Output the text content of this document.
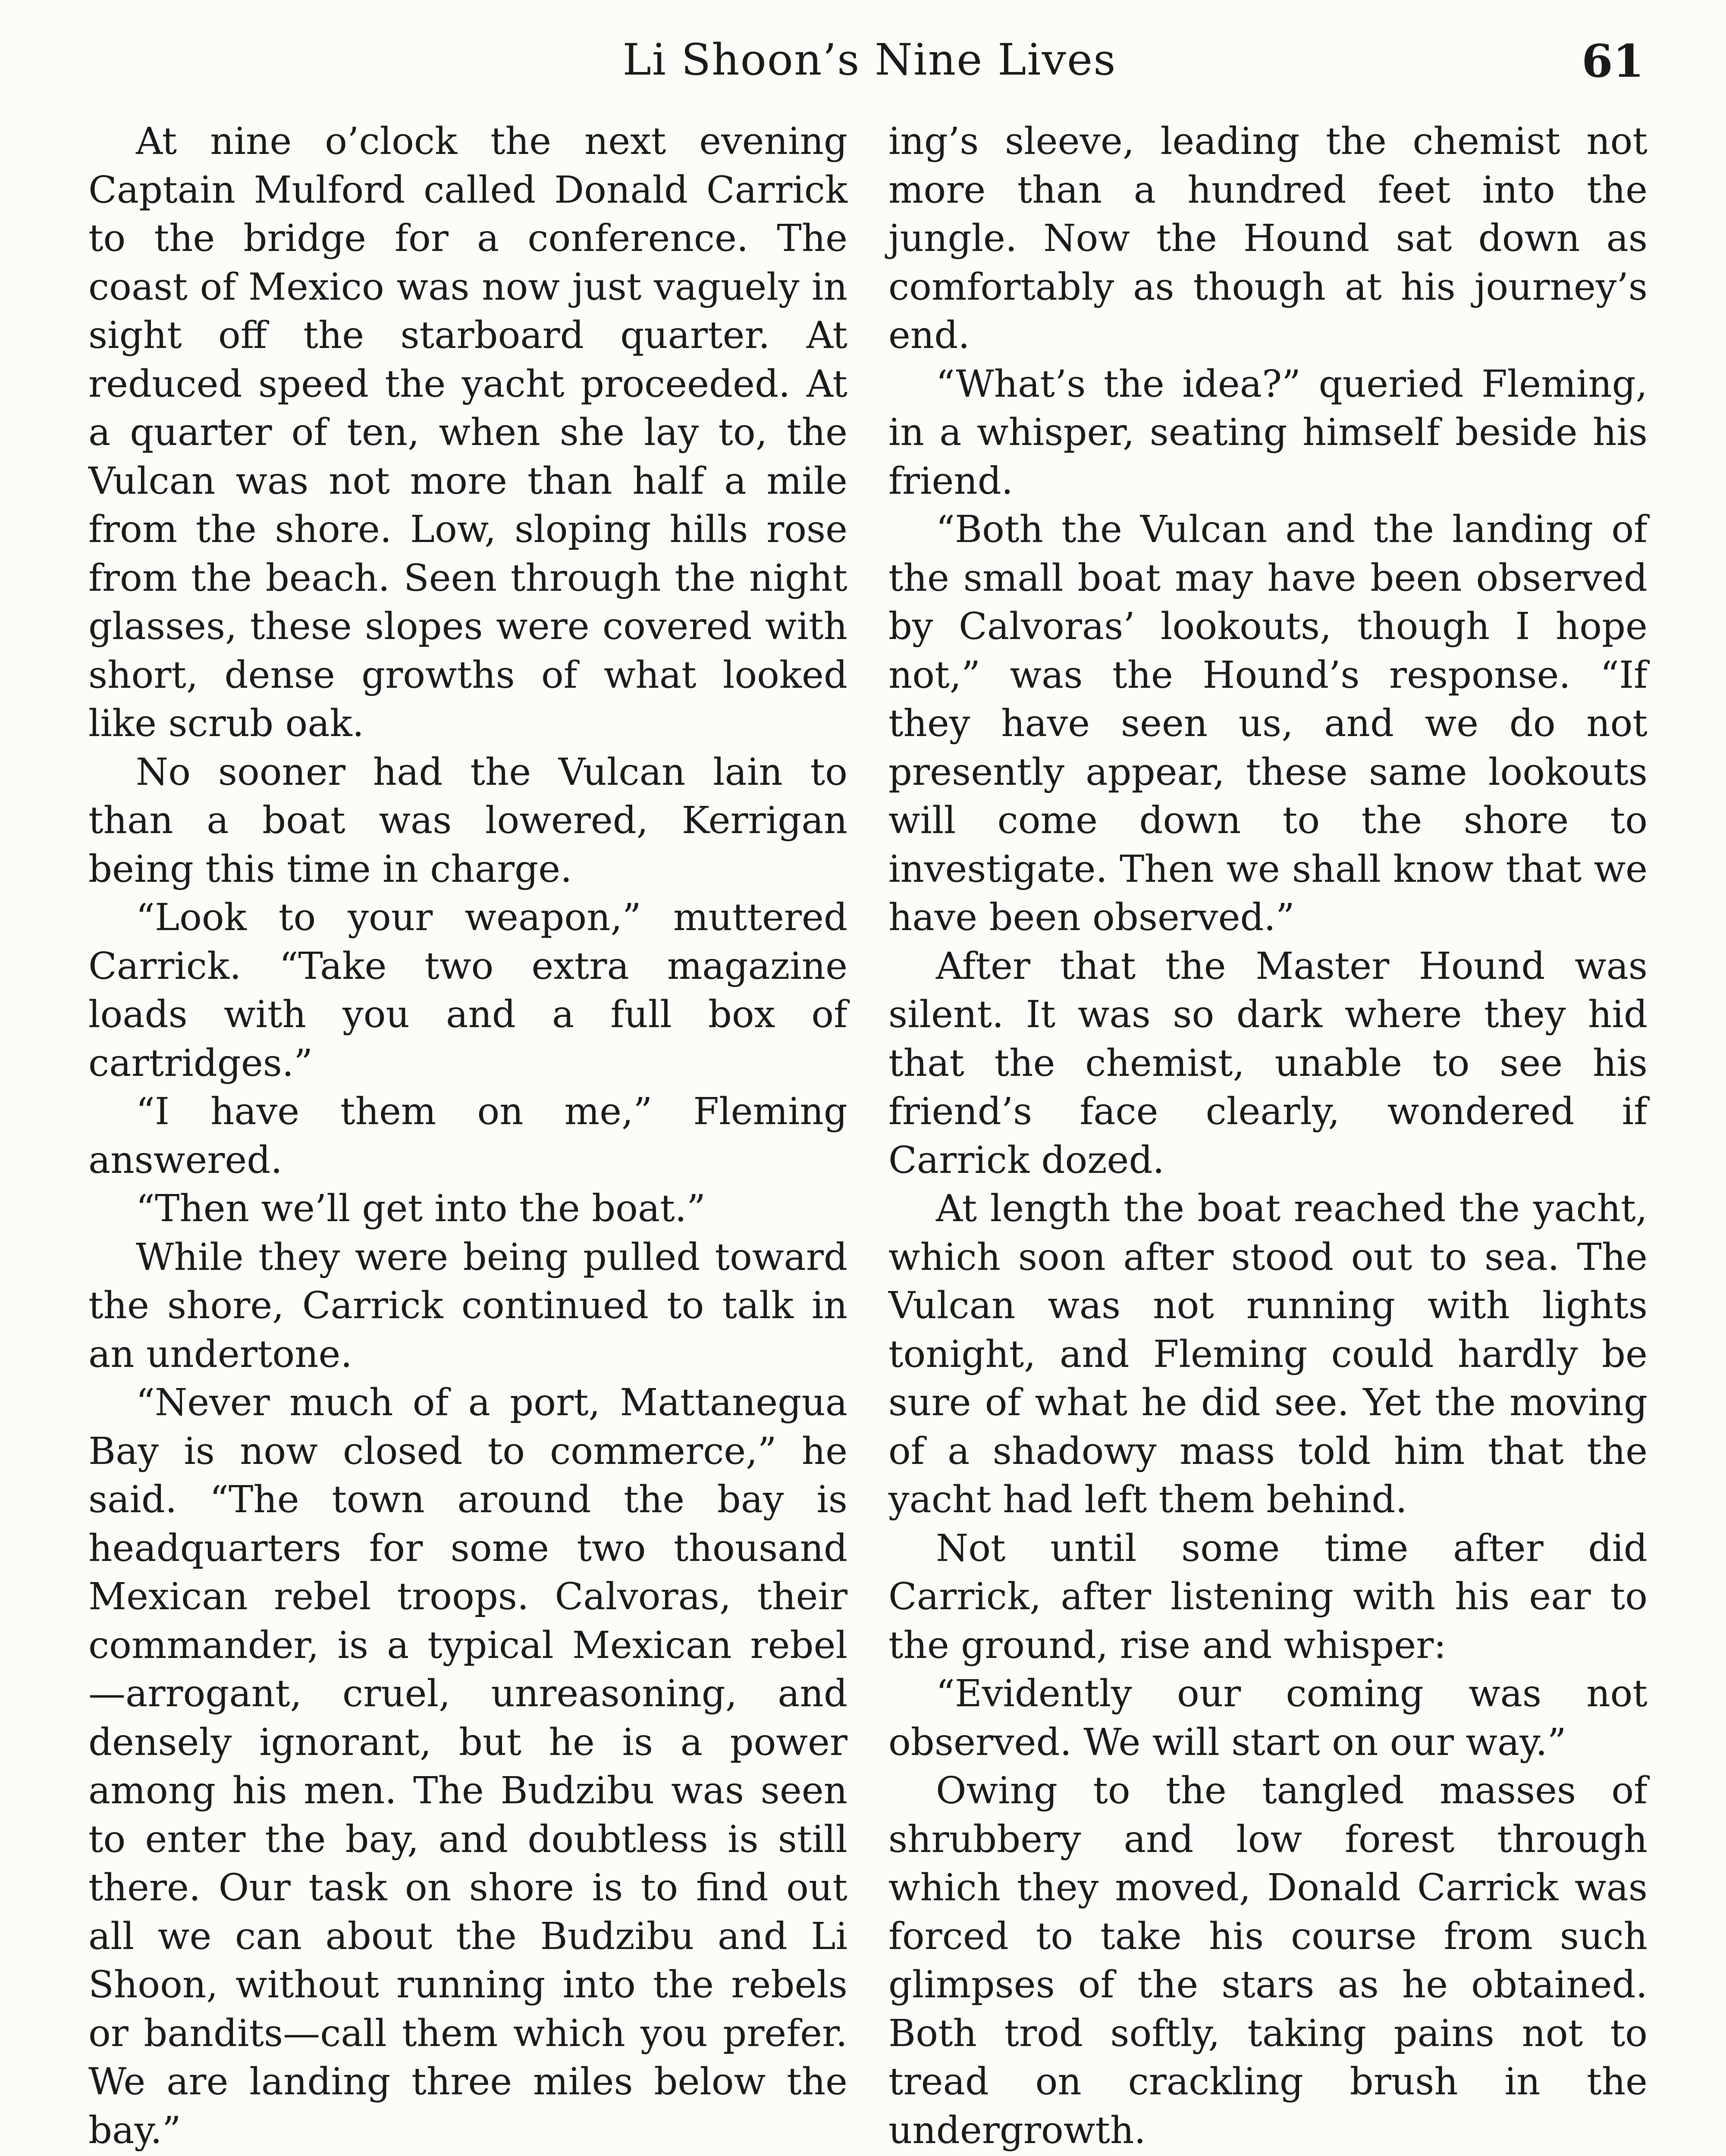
Li Shoon’s Nine Lives	61

At nine o’clock the next evening Captain Mulford called Donald Carrick to the bridge for a conference. The coast of Mexico was now just vaguely in sight off the starboard quarter. At reduced speed the yacht proceeded. At a quarter of ten, when she lay to, the Vulcan was not more than half a mile from the shore. Low, sloping hills rose from the beach. Seen through the night glasses, these slopes were covered with short, dense growths of what looked like scrub oak.

No sooner had the Vulcan lain to than a boat was lowered, Kerrigan being this time in charge.

“Look to your weapon,” muttered Carrick. “Take two extra magazine loads with you and a full box of cartridges.”

“I have them on me,” Fleming answered.

“Then we’ll get into the boat.”

While they were being pulled toward the shore, Carrick continued to talk in an undertone.

“Never much of a port, Mattanegua Bay is now closed to commerce,” he said. “The town around the bay is headquarters for some two thousand Mexican rebel troops. Calvoras, their commander, is a typical Mexican rebel —arrogant, cruel, unreasoning, and densely ignorant, but he is a power among his men. The Budzibu was seen to enter the bay, and doubtless is still there. Our task on shore is to find out all we can about the Budzibu and Li Shoon, without running into the rebels or bandits—call them which you prefer. We are landing three miles below the bay.”

ing’s sleeve, leading the chemist not more than a hundred feet into the jungle. Now the Hound sat down as comfortably as though at his journey’s end.

“What’s the idea?” queried Fleming, in a whisper, seating himself beside his friend.

“Both the Vulcan and the landing of the small boat may have been observed by Calvoras’ lookouts, though I hope not,” was the Hound’s response. “If they have seen us, and we do not presently appear, these same lookouts will come down to the shore to investigate. Then we shall know that we have been observed.”

After that the Master Hound was silent. It was so dark where they hid that the chemist, unable to see his friend’s face clearly, wondered if Carrick dozed.

At length the boat reached the yacht, which soon after stood out to sea. The Vulcan was not running with lights tonight, and Fleming could hardly be sure of what he did see. Yet the moving of a shadowy mass told him that the yacht had left them behind.

Not until some time after did Carrick, after listening with his ear to the ground, rise and whisper:

“Evidently our coming was not observed. We will start on our way.”

Owing to the tangled masses of shrubbery and low forest through which they moved, Donald Carrick was forced to take his course from such glimpses of the stars as he obtained. Both trod softly, taking pains not to tread on crackling brush in the undergrowth.
